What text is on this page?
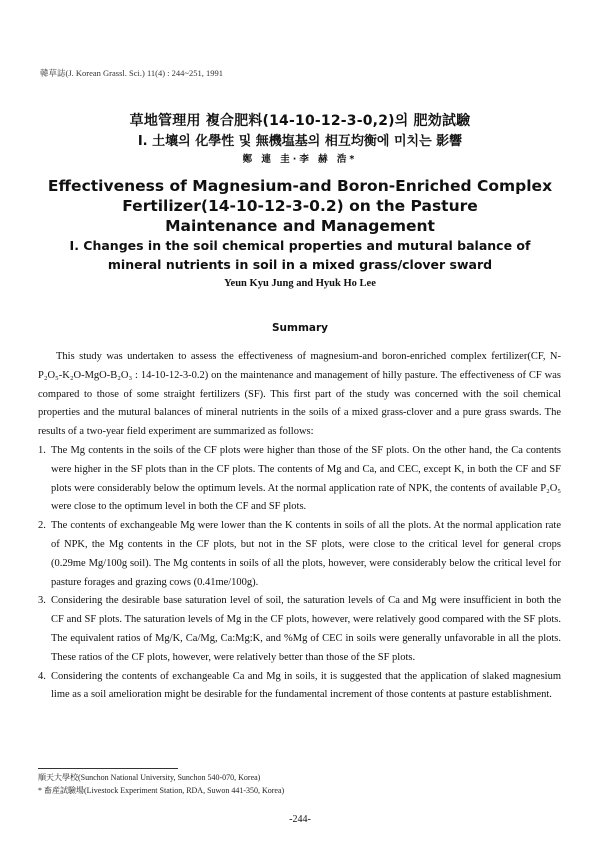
韓草誌(J. Korean Grassl. Sci.) 11(4) : 244~251, 1991
草地管理用 複合肥料(14-10-12-3-0,2)의 肥効試驗
Ⅰ. 土壤의 化學性 및 無機塩基의 相互均衡에 미치는 影響
鄭 連 圭·李 赫 浩*
Effectiveness of Magnesium-and Boron-Enriched Complex
Fertilizer(14-10-12-3-0.2) on the Pasture
Maintenance and Management
Ⅰ. Changes in the soil chemical properties and mutural balance of
mineral nutrients in soil in a mixed grass/clover sward
Yeun Kyu Jung and Hyuk Ho Lee
Summary

This study was undertaken to assess the effectiveness of magnesium-and boron-enriched complex fertilizer(CF, N-P₂O₅-K₂O-MgO-B₂O₃ : 14-10-12-3-0.2) on the maintenance and management of hilly pasture. The effectiveness of CF was compared to those of some straight fertilizers (SF). This first part of the study was concerned with the soil chemical properties and the mutural balances of mineral nutrients in the soils of a mixed grass-clover and a pure grass swards. The results of a two-year field experiment are summarized as follows:

1. The Mg contents in the soils of the CF plots were higher than those of the SF plots. On the other hand, the Ca contents were higher in the SF plots than in the CF plots. The contents of Mg and Ca, and CEC, except K, in both the CF and SF plots were considerably below the optimum levels. At the normal application rate of NPK, the contents of available P₂O₅ were close to the optimum level in both the CF and SF plots.
2. The contents of exchangeable Mg were lower than the K contents in soils of all the plots. At the normal application rate of NPK, the Mg contents in the CF plots, but not in the SF plots, were close to the critical level for general crops (0.29me Mg/100g soil). The Mg contents in soils of all the plots, however, were considerably below the critical level for pasture forages and grazing cows (0.41me/100g).
3. Considering the desirable base saturation level of soil, the saturation levels of Ca and Mg were insufficient in both the CF and SF plots. The saturation levels of Mg in the CF plots, however, were relatively good compared with the SF plots. The equivalent ratios of Mg/K, Ca/Mg, Ca:Mg:K, and %Mg of CEC in soils were generally unfavorable in all the plots. These ratios of the CF plots, however, were relatively better than those of the SF plots.
4. Considering the contents of exchangeable Ca and Mg in soils, it is suggested that the application of slaked magnesium lime as a soil amelioration might be desirable for the fundamental increment of those contents at pasture establishment.
順天大學校(Sunchon National University, Sunchon 540-070, Korea)
* 畜産試驗場(Livestock Experiment Station, RDA, Suwon 441-350, Korea)
-244-
